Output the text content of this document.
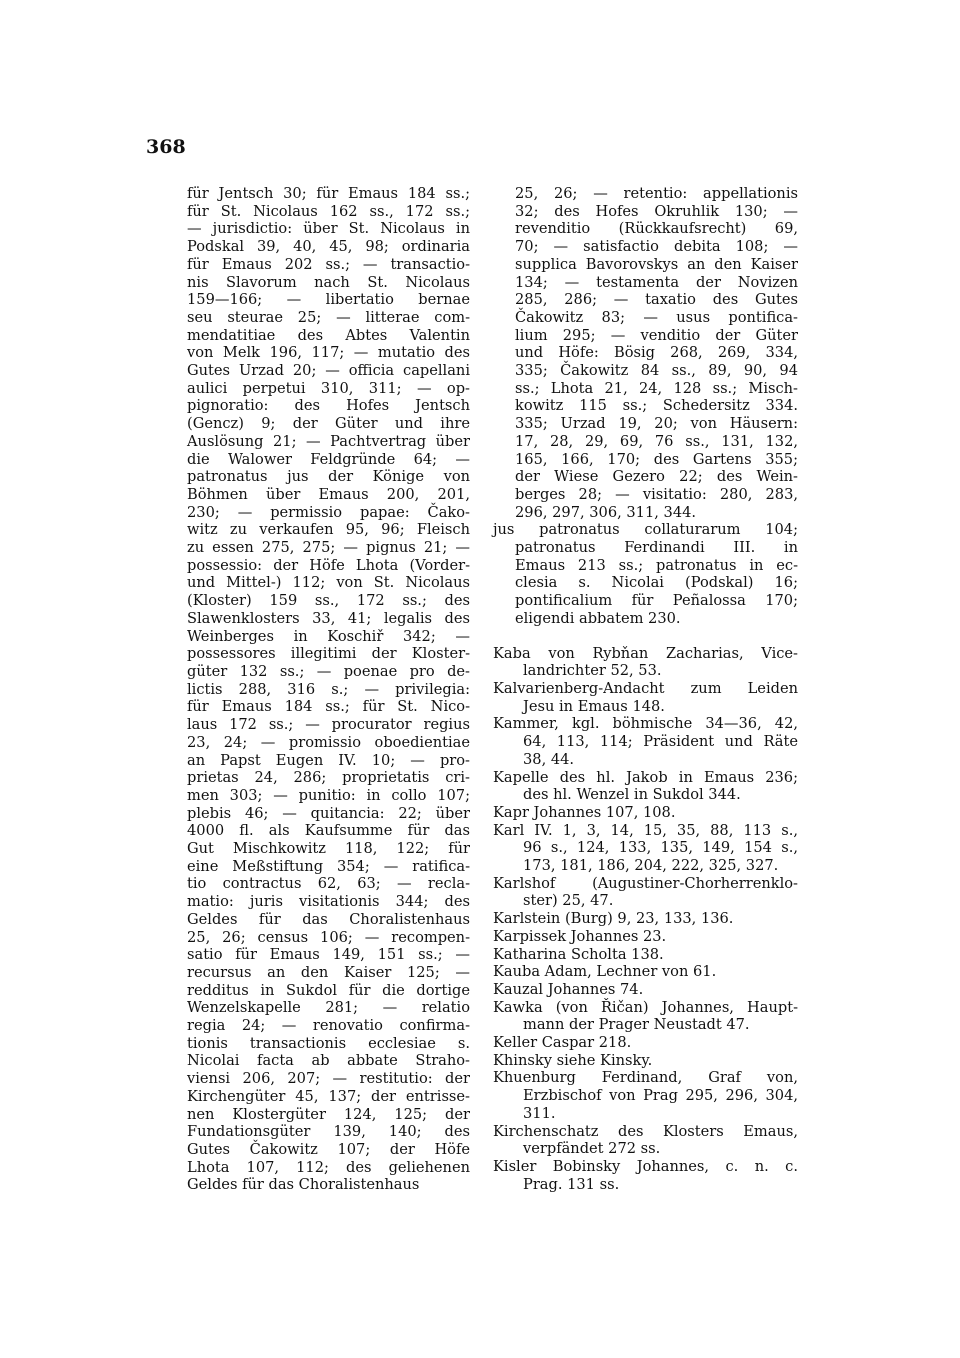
368
für Jentsch 30; für Emaus 184 ss.;
für St. Nicolaus 162 ss., 172 ss.;
— jurisdictio: über St. Nicolaus in
Podskal 39, 40, 45, 98; ordinaria
für Emaus 202 ss.; — transactio-
nis Slavorum nach St. Nicolaus
159—166; — libertatio bernae
seu steurae 25; — litterae com-
mendatitiae des Abtes Valentin
von Melk 196, 117; — mutatio des
Gutes Urzad 20; — officia capellani
aulici perpetui 310, 311; — op-
pignoratio: des Hofes Jentsch
(Gencz) 9; der Güter und ihre
Auslösung 21; — Pachtvertrag über
die Walower Feldgründe 64; —
patronatus jus der Könige von
Böhmen über Emaus 200, 201,
230; — permissio papae: Čako-
witz zu verkaufen 95, 96; Fleisch
zu essen 275, 275; — pignus 21; —
possessio: der Höfe Lhota (Vorder-
und Mittel-) 112; von St. Nicolaus
(Kloster) 159 ss., 172 ss.; des
Slawenklosters 33, 41; legalis des
Weinberges in Koschiř 342; —
possessores illegitimi der Kloster-
güter 132 ss.; — poenae pro de-
lictis 288, 316 s.; — privilegia:
für Emaus 184 ss.; für St. Nico-
laus 172 ss.; — procurator regius
23, 24; — promissio oboedientiae
an Papst Eugen IV. 10; — pro-
prietas 24, 286; proprietatis cri-
men 303; — punitio: in collo 107;
plebis 46; — quitancia: 22; über
4000 fl. als Kaufsumme für das
Gut Mischkowitz 118, 122; für
eine Meßstiftung 354; — ratifica-
tio contractus 62, 63; — recla-
matio: juris visitationis 344; des
Geldes für das Choralistenhaus
25, 26; census 106; — recompen-
satio für Emaus 149, 151 ss.; —
recursus an den Kaiser 125; —
redditus in Sukdol für die dortige
Wenzelskapelle 281; — relatio
regia 24; — renovatio confirma-
tionis transactionis ecclesiae s.
Nicolai facta ab abbate Straho-
viensi 206, 207; — restitutio: der
Kirchengüter 45, 137; der entrisse-
nen Klostergüter 124, 125; der
Fundationsgüter 139, 140; des
Gutes Čakowitz 107; der Höfe
Lhota 107, 112; des geliehenen
Geldes für das Choralistenhaus
25, 26; — retentio: appellationis
32; des Hofes Okruhlik 130; —
revenditio (Rückkaufsrecht) 69,
70; — satisfactio debita 108; —
supplica Bavorovskys an den Kaiser
134; — testamenta der Novizen
285, 286; — taxatio des Gutes
Čakowitz 83; — usus pontifica-
lium 295; — venditio der Güter
und Höfe: Bösig 268, 269, 334,
335; Čakowitz 84 ss., 89, 90, 94
ss.; Lhota 21, 24, 128 ss.; Misch-
kowitz 115 ss.; Schedersitz 334.
335; Urzad 19, 20; von Häusern:
17, 28, 29, 69, 76 ss., 131, 132,
165, 166, 170; des Gartens 355;
der Wiese Gezero 22; des Wein-
berges 28; — visitatio: 280, 283,
296, 297, 306, 311, 344.
jus patronatus collaturarum 104;
patronatus Ferdinandi III. in
Emaus 213 ss.; patronatus in ec-
clesia s. Nicolai (Podskal) 16;
pontificalium für Peñalossa 170;
eligendi abbatem 230.
Kaba von Rybňan Zacharias, Vice-
landrichter 52, 53.
Kalvarienberg-Andacht zum Leiden
Jesu in Emaus 148.
Kammer, kgl. böhmische 34—36, 42,
64, 113, 114; Präsident und Räte
38, 44.
Kapelle des hl. Jakob in Emaus 236;
des hl. Wenzel in Sukdol 344.
Kapr Johannes 107, 108.
Karl IV. 1, 3, 14, 15, 35, 88, 113 s.,
96 s., 124, 133, 135, 149, 154 s.,
173, 181, 186, 204, 222, 325, 327.
Karlshof (Augustiner-Chorherrenklo-
ster) 25, 47.
Karlstein (Burg) 9, 23, 133, 136.
Karpissek Johannes 23.
Katharina Scholta 138.
Kauba Adam, Lechner von 61.
Kauzal Johannes 74.
Kawka (von Řičan) Johannes, Haupt-
mann der Prager Neustadt 47.
Keller Caspar 218.
Khinsky siehe Kinsky.
Khuenburg Ferdinand, Graf von,
Erzbischof von Prag 295, 296, 304,
311.
Kirchenschatz des Klosters Emaus,
verpfändet 272 ss.
Kisler Bobinsky Johannes, c. n. c.
Prag. 131 ss.
